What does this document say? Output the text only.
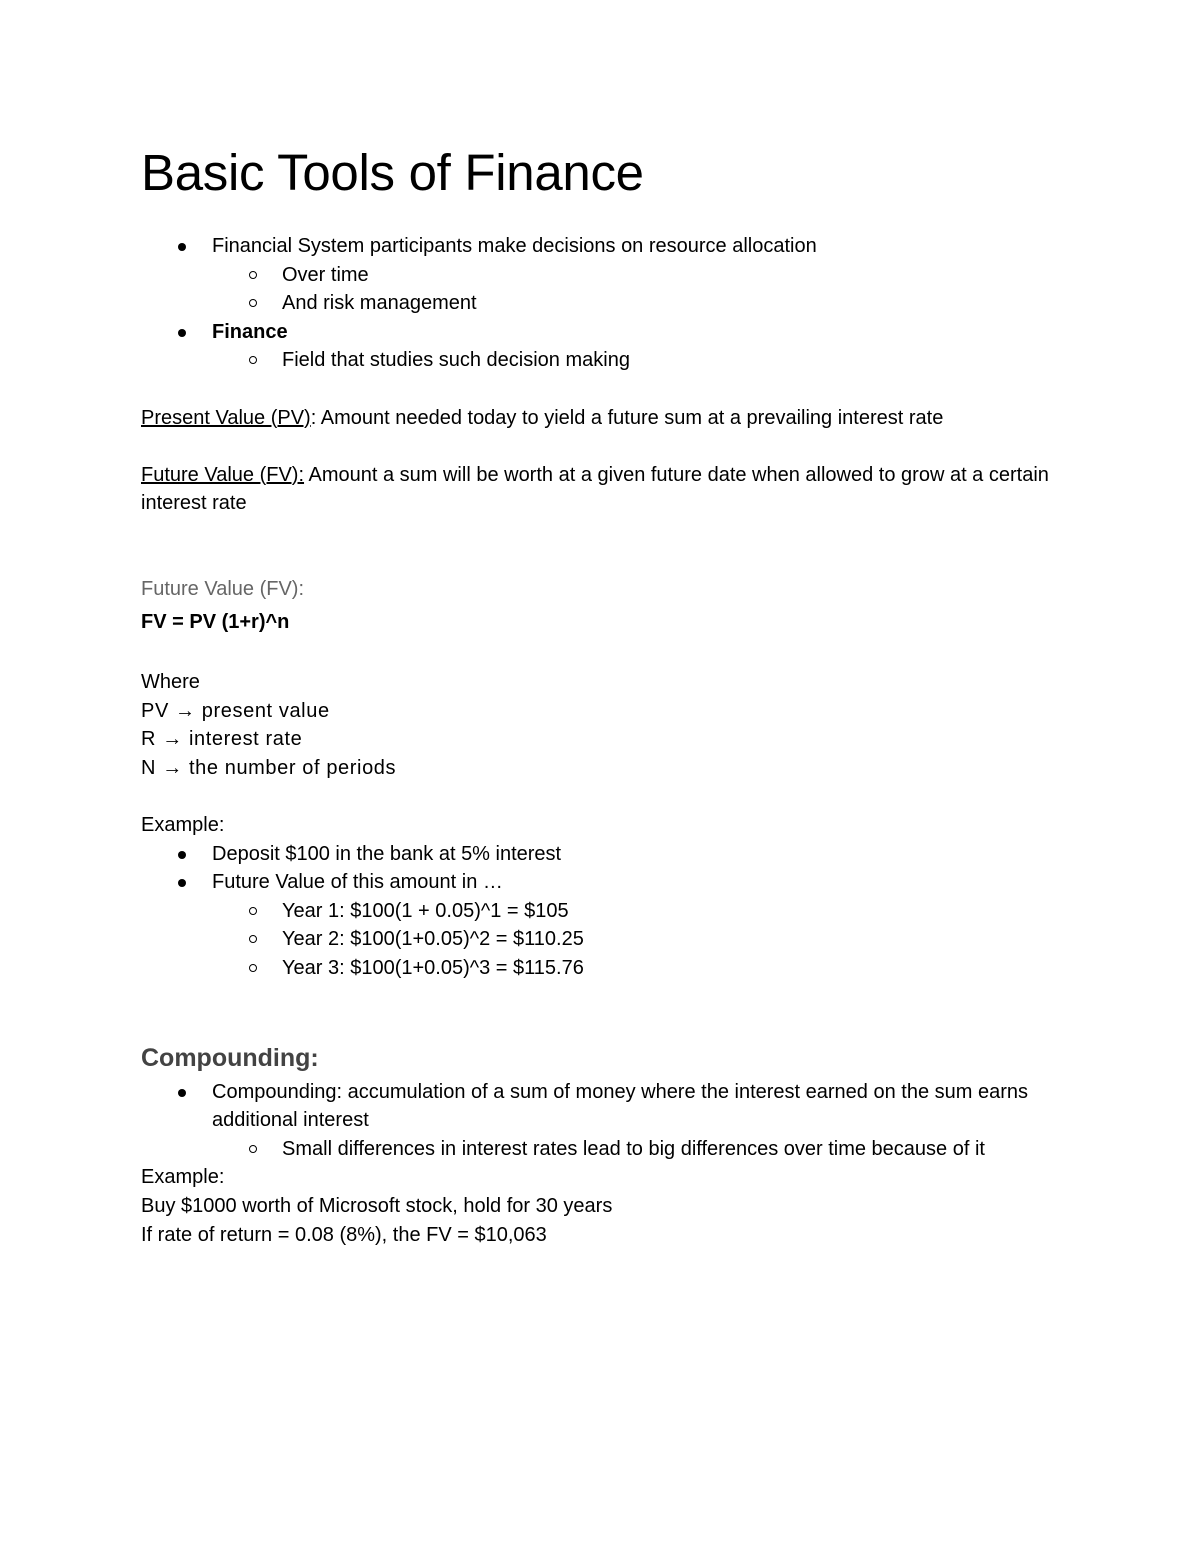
Basic Tools of Finance
Financial System participants make decisions on resource allocation
Over time
And risk management
Finance
Field that studies such decision making

Present Value (PV): Amount needed today to yield a future sum at a prevailing interest rate

Future Value (FV): Amount a sum will be worth at a given future date when allowed to grow at a certain interest rate

Future Value (FV):

FV = PV (1+r)^n

Where

PV → present value

R → interest rate

N → the number of periods

Example:

Deposit $100 in the bank at 5% interest
Future Value of this amount in …
Year 1: $100(1 + 0.05)^1 = $105
Year 2: $100(1+0.05)^2 = $110.25
Year 3: $100(1+0.05)^3 = $115.76
Compounding:
Compounding: accumulation of a sum of money where the interest earned on the sum earns additional interest
Small differences in interest rates lead to big differences over time because of it

Example:

Buy $1000 worth of Microsoft stock, hold for 30 years

If rate of return = 0.08 (8%), the FV = $10,063
